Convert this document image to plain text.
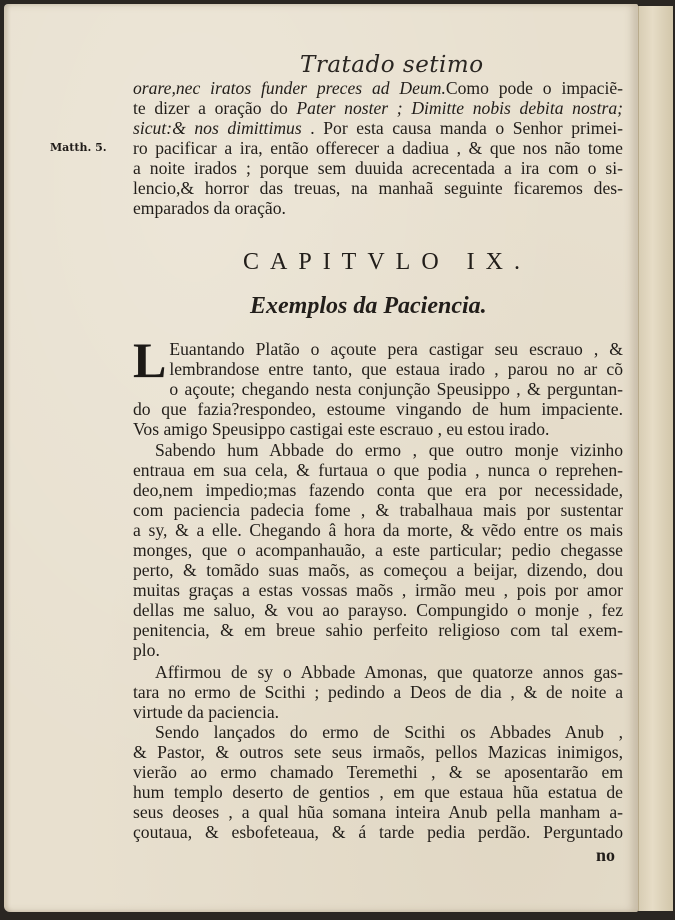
Tratado setimo
Matth. 5.
orare,nec iratos funder preces ad Deum.Como pode o impaciẽ-
te dizer a oração do Pater noster ; Dimitte nobis debita nostra;
sicut:& nos dimittimus . Por esta causa manda o Senhor primei-
ro pacificar a ira, então offerecer a dadiua , & que nos não tome
a noite irados ; porque sem duuida acrecentada a ira com o si-
lencio,& horror das treuas, na manhaã seguinte ficaremos des-
emparados da oração.
CAPITVLO IX.
Exemplos da Paciencia.
L Euantando Platão o açoute pera castigar seu escrauo , &
lembrandose entre tanto, que estaua irado , parou no ar cõ
o açoute; chegando nesta conjunção Speusippo , & perguntan-
do que fazia?respondeo, estoume vingando de hum impaciente.
Vos amigo Speusippo castigai este escrauo , eu estou irado.
Sabendo hum Abbade do ermo , que outro monje vizinho
entraua em sua cela, & furtaua o que podia , nunca o reprehen-
deo,nem impedio;mas fazendo conta que era por necessidade,
com paciencia padecia fome , & trabalhaua mais por sustentar
a sy, & a elle. Chegando â hora da morte, & vẽdo entre os mais
monges, que o acompanhauão, a este particular; pedio chegasse
perto, & tomãdo suas maõs, as começou a beijar, dizendo, dou
muitas graças a estas vossas maõs , irmão meu , pois por amor
dellas me saluo, & vou ao parayso. Compungido o monje , fez
penitencia, & em breue sahio perfeito religioso com tal exem-
plo.
Affirmou de sy o Abbade Amonas, que quatorze annos gas-
tara no ermo de Scithi ; pedindo a Deos de dia , & de noite a
virtude da paciencia.
Sendo lançados do ermo de Scithi os Abbades Anub ,
& Pastor, & outros sete seus irmaõs, pellos Mazicas inimigos,
vierão ao ermo chamado Teremethi , & se aposentarão em
hum templo deserto de gentios , em que estaua hũa estatua de
seus deoses , a qual hũa somana inteira Anub pella manham a-
çoutaua, & esbofeteaua, & á tarde pedia perdão. Perguntado
no
